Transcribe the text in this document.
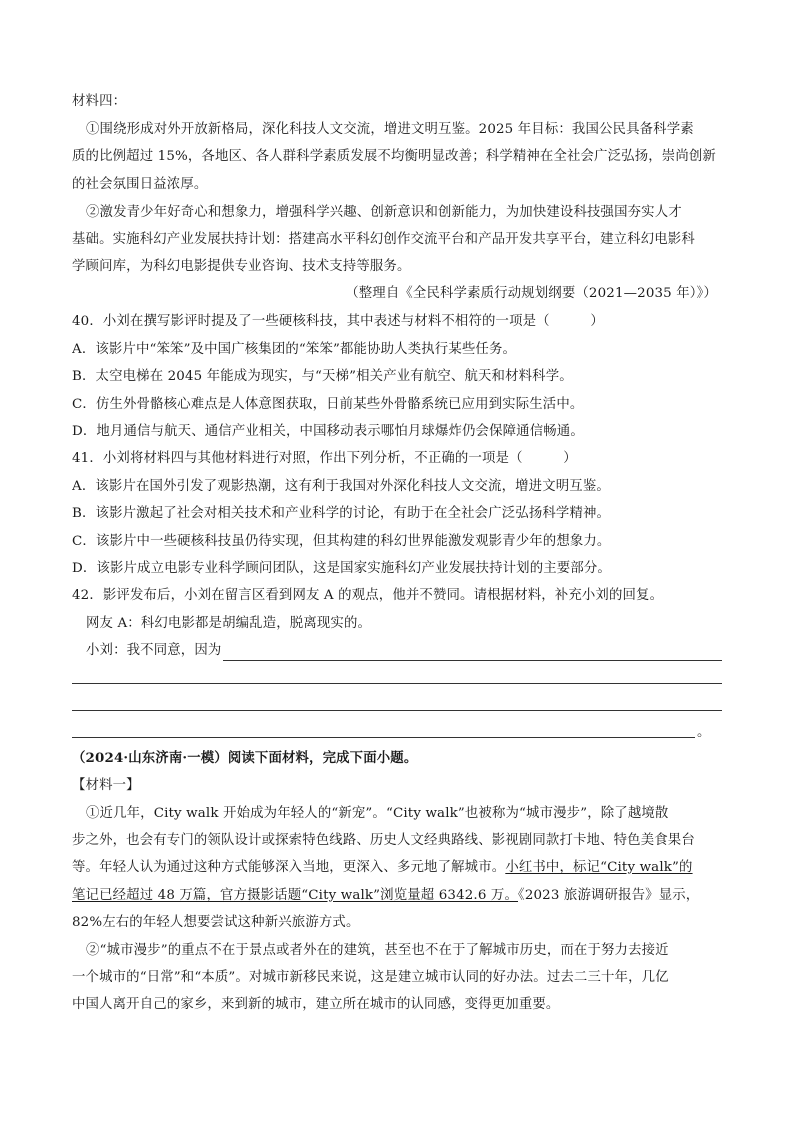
材料四：
①围绕形成对外开放新格局，深化科技人文交流，增进文明互鉴。2025 年目标：我国公民具备科学素
质的比例超过 15%，各地区、各人群科学素质发展不均衡明显改善；科学精神在全社会广泛弘扬，崇尚创新
的社会氛围日益浓厚。
②激发青少年好奇心和想象力，增强科学兴趣、创新意识和创新能力，为加快建设科技强国夯实人才
基础。实施科幻产业发展扶持计划：搭建高水平科幻创作交流平台和产品开发共享平台，建立科幻电影科
学顾问库，为科幻电影提供专业咨询、技术支持等服务。
（整理自《全民科学素质行动规划纲要（2021—2035 年）》）
40．小刘在撰写影评时提及了一些硬核科技，其中表述与材料不相符的一项是（　　　）
A．该影片中“笨笨”及中国广核集团的“笨笨”都能协助人类执行某些任务。
B．太空电梯在 2045 年能成为现实，与“天梯”相关产业有航空、航天和材料科学。
C．仿生外骨骼核心难点是人体意图获取，日前某些外骨骼系统已应用到实际生活中。
D．地月通信与航天、通信产业相关，中国移动表示哪怕月球爆炸仍会保障通信畅通。
41．小刘将材料四与其他材料进行对照，作出下列分析，不正确的一项是（　　　）
A．该影片在国外引发了观影热潮，这有利于我国对外深化科技人文交流，增进文明互鉴。
B．该影片激起了社会对相关技术和产业科学的讨论，有助于在全社会广泛弘扬科学精神。
C．该影片中一些硬核科技虽仍待实现，但其构建的科幻世界能激发观影青少年的想象力。
D．该影片成立电影专业科学顾问团队，这是国家实施科幻产业发展扶持计划的主要部分。
42．影评发布后，小刘在留言区看到网友 A 的观点，他并不赞同。请根据材料，补充小刘的回复。
网友 A：科幻电影都是胡编乱造，脱离现实的。
小刘：我不同意，因为
。
（2024·山东济南·一模）阅读下面材料，完成下面小题。
【材料一】
①近几年，City walk 开始成为年轻人的“新宠”。“City walk”也被称为“城市漫步”，除了越境散
步之外，也会有专门的领队设计或探索特色线路、历史人文经典路线、影视剧同款打卡地、特色美食果台
等。年轻人认为通过这种方式能够深入当地，更深入、多元地了解城市。小红书中，标记“City walk”的
笔记已经超过 48 万篇，官方摄影话题“City walk”浏览量超 6342.6 万。《2023 旅游调研报告》显示，
82%左右的年轻人想要尝试这种新兴旅游方式。
②“城市漫步”的重点不在于景点或者外在的建筑，甚至也不在于了解城市历史，而在于努力去接近
一个城市的“日常”和“本质”。对城市新移民来说，这是建立城市认同的好办法。过去二三十年，几亿
中国人离开自己的家乡，来到新的城市，建立所在城市的认同感，变得更加重要。
